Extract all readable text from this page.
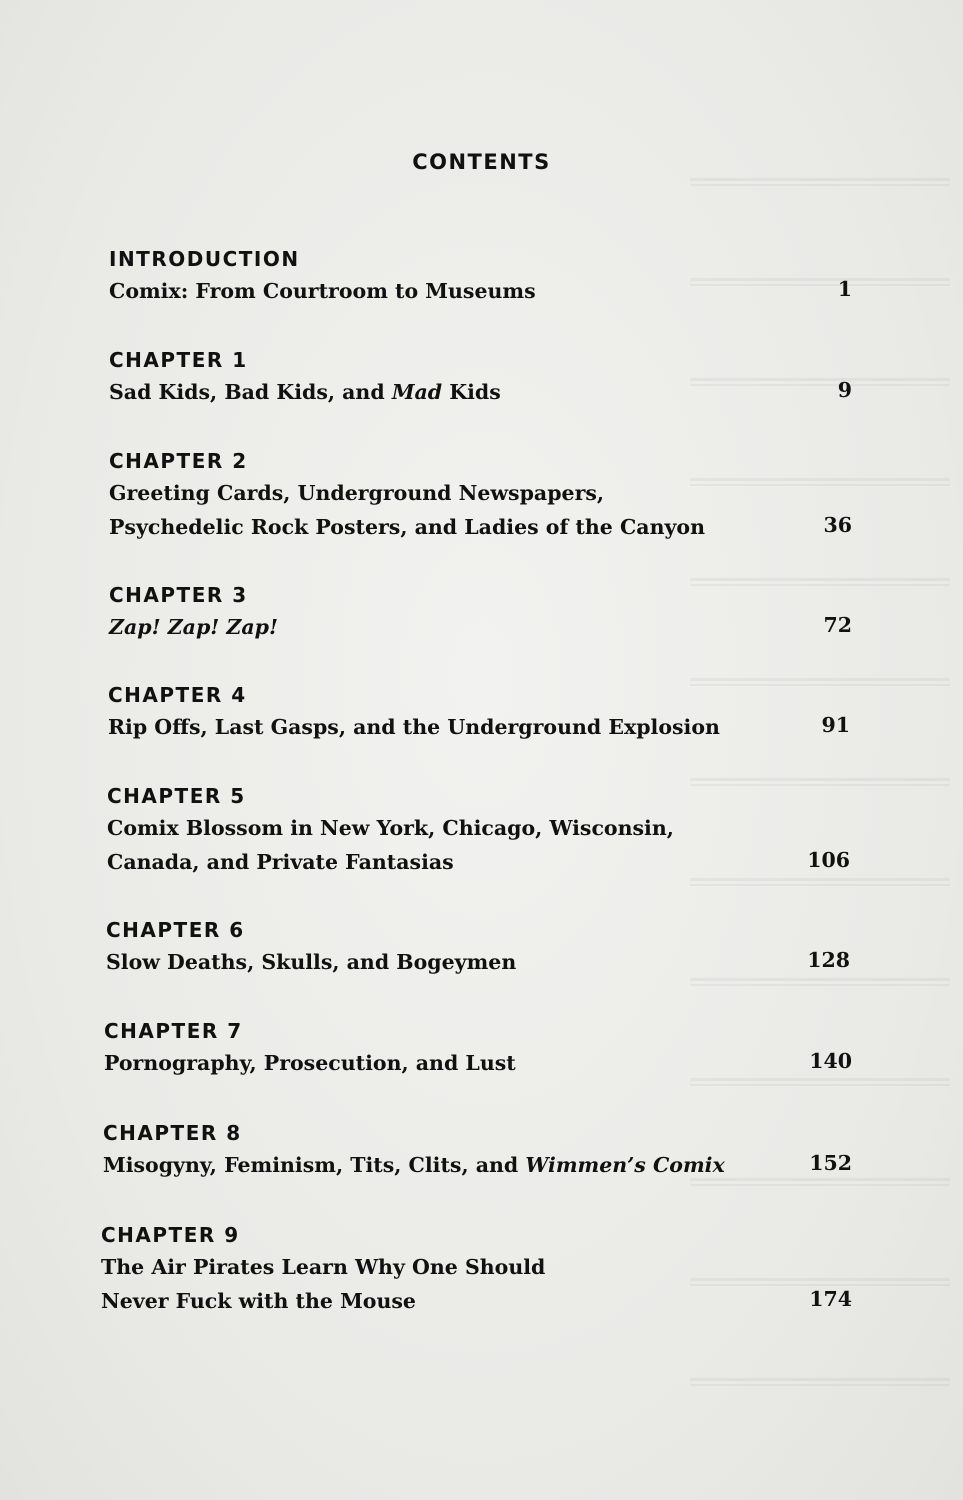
CONTENTS
INTRODUCTION
Comix: From Courtroom to Museums	1
CHAPTER 1
Sad Kids, Bad Kids, and Mad Kids	9
CHAPTER 2
Greeting Cards, Underground Newspapers,
Psychedelic Rock Posters, and Ladies of the Canyon	36
CHAPTER 3
Zap! Zap! Zap!	72
CHAPTER 4
Rip Offs, Last Gasps, and the Underground Explosion	91
CHAPTER 5
Comix Blossom in New York, Chicago, Wisconsin,
Canada, and Private Fantasias	106
CHAPTER 6
Slow Deaths, Skulls, and Bogeymen	128
CHAPTER 7
Pornography, Prosecution, and Lust	140
CHAPTER 8
Misogyny, Feminism, Tits, Clits, and Wimmen’s Comix	152
CHAPTER 9
The Air Pirates Learn Why One Should
Never Fuck with the Mouse	174
